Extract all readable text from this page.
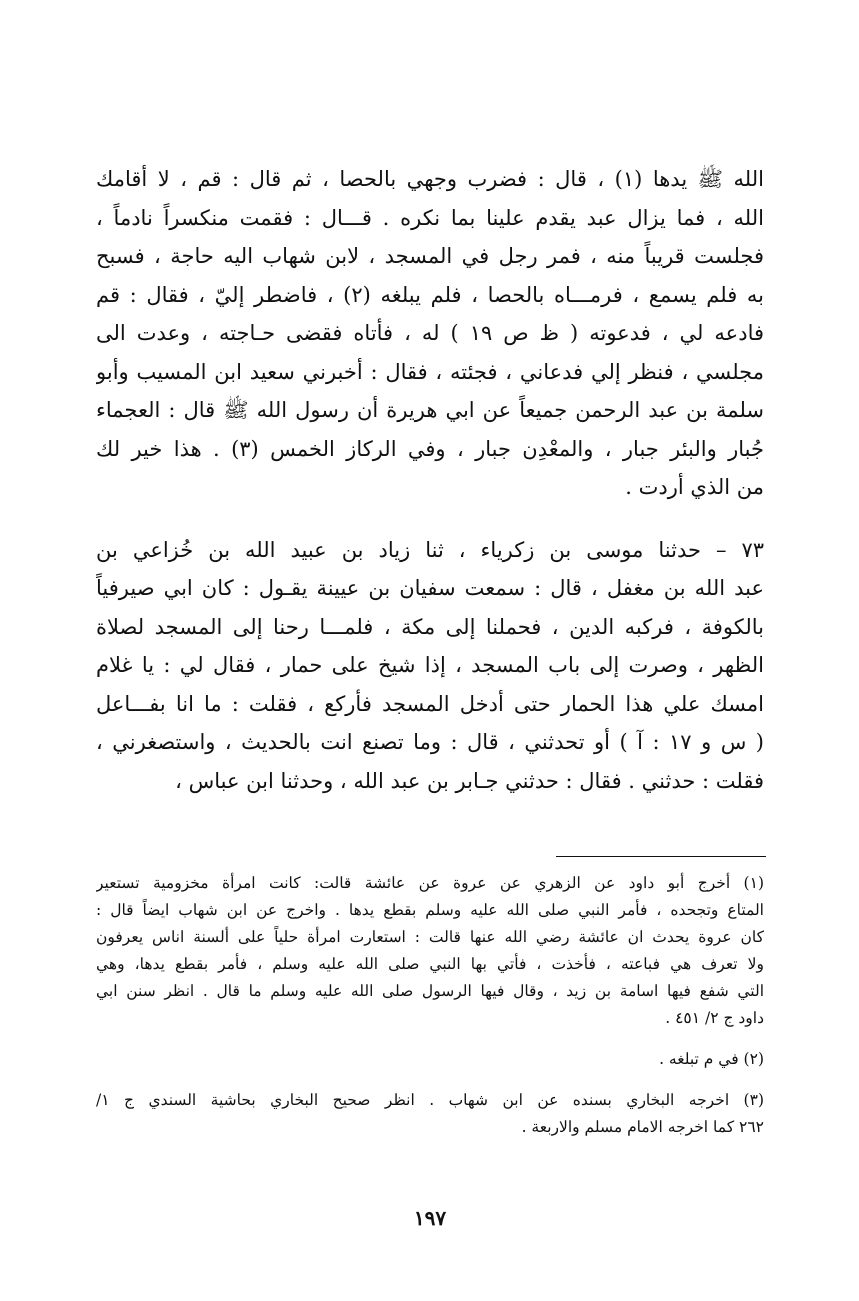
الله ﷺ يدها (١) ، قال : فضرب وجهي بالحصا ، ثم قال : قم ، لا أقامك
الله ، فما يزال عبد يقدم علينا بما نكره . قـــال : فقمت منكسراً نادماً ،
فجلست قريباً منه ، فمر رجل في المسجد ، لابن شهاب اليه حاجة ، فسبح
به فلم يسمع ، فرمـــاه بالحصا ، فلم يبلغه (٢) ، فاضطر إليّ ، فقال : قم
فادعه لي ، فدعوته ( ظ ص ١٩ ) له ، فأتاه فقضى حـاجته ، وعدت الى
مجلسي ، فنظر إلي فدعاني ، فجئته ، فقال : أخبرني سعيد ابن المسيب وأبو
سلمة بن عبد الرحمن جميعاً عن ابي هريرة أن رسول الله ﷺ قال : العجماء
جُبار والبئر جبار ، والمعْدِن جبار ، وفي الركاز الخمس (٣) . هذا خير لك
من الذي أردت .
٧٣ – حدثنا موسى بن زكرياء ، ثنا زياد بن عبيد الله بن خُزاعي بن
عبد الله بن مغفل ، قال : سمعت سفيان بن عيينة يقـول : كان ابي صيرفياً
بالكوفة ، فركبه الدين ، فحملنا إلى مكة ، فلمـــا رحنا إلى المسجد لصلاة
الظهر ، وصرت إلى باب المسجد ، إذا شيخ على حمار ، فقال لي : يا غلام
امسك علي هذا الحمار حتى أدخل المسجد فأركع ، فقلت : ما انا بفـــاعل
( س و ١٧ : آ ) أو تحدثني ، قال : وما تصنع انت بالحديث ، واستصغرني ،
فقلت : حدثني . فقال : حدثني جـابر بن عبد الله ، وحدثنا ابن عباس ،
(١) أخرج أبو داود عن الزهري عن عروة عن عائشة قالت: كانت امرأة مخزومية تستعير
المتاع وتجحده ، فأمر النبي صلى الله عليه وسلم بقطع يدها . واخرج عن ابن شهاب ايضاً قال :
كان عروة يحدث ان عائشة رضي الله عنها قالت : استعارت امرأة حلياً على ألسنة اناس يعرفون
ولا تعرف هي فباعته ، فأخذت ، فأتي بها النبي صلى الله عليه وسلم ، فأمر بقطع يدها، وهي
التي شفع فيها اسامة بن زيد ، وقال فيها الرسول صلى الله عليه وسلم ما قال . انظر سنن ابي
داود ج ٢/ ٤٥١ .
(٢) في م تبلغه .
(٣) اخرجه البخاري بسنده عن ابن شهاب . انظر صحيح البخاري بحاشية السندي ج ١/
٢٦٢ كما اخرجه الامام مسلم والاربعة .
١٩٧
